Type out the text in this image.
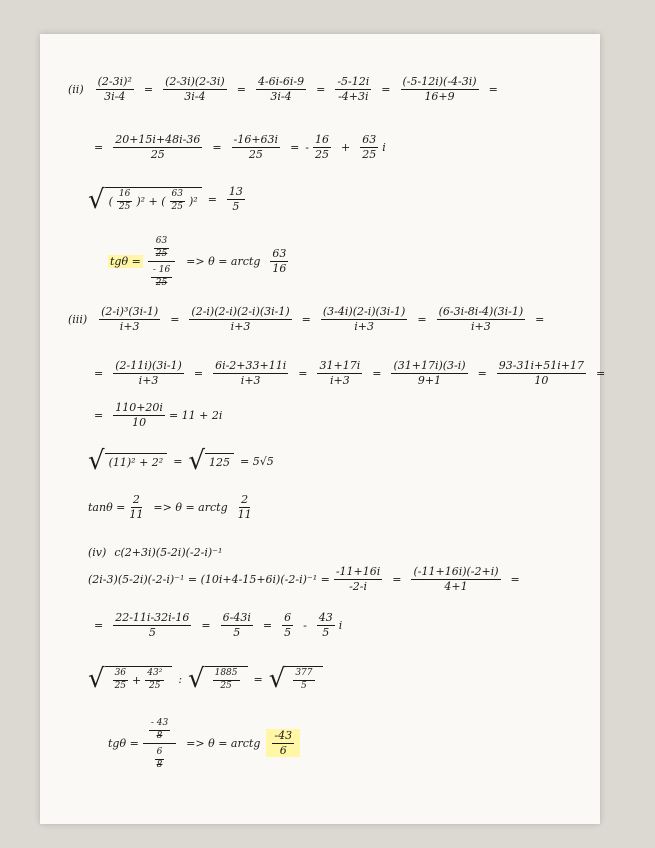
$(ii) \frac{\text{(2-3i)²}}{3i-4} = \frac{(2-3i)(2-3i)}{3i-4} = \frac{4-6i-6i-9}{3i-4} = \frac{-5-12i}{-4+3i} = \frac{(-5-12i)(-4-3i)}{16+9}$ =
= $\frac{20+15i+48i-36}{25} = \frac{-16+63i}{25}$ = - $\frac{16}{25} + \frac{63}{25}$ i
√ ( $\frac{16}{25} )^2$ + ( $\frac{63}{25} )^2 = \frac{13}{5}$
$tg\theta = \frac{\frac{63}{25}}{\frac{- 16}{25}} => \theta$ = arctg $\frac{63}{16}$
$(iii) \frac{\text{(2-i)³(3i-1)}}{i+3} = \frac{(2-i)(2-i)(2-i)(3i-1)}{i+3} = \frac{(3-4i)(2-i)(3i-1)}{i+3} = \frac{(6-3i-8i-4)(3i-1)}{i+3}$ =
= $\frac{(2-11i)(3i-1)}{i+3} = \frac{6i-2+33+11i}{i+3} = \frac{31+17i}{i+3} = \frac{(31+17i)(3-i)}{9+1} = \frac{93-31i+51i+17}{10}$ =
= $\frac{110+20i}{10} = 11 + 2i$
√ (11)² + 2² = √ 125 = 5√5
$\tan\theta = \frac{2}{11} => \theta$ = arctg $\frac{2}{11}$
(iv) c(2+3i)(5-2i)(-2-i)⁻¹
$(2i-3)(5-2i)(-2-i)^{-1} = (10i+4-15+6i)(-2-i)^{-1} = \frac{-11+16i}{-2-i} = \frac{(-11+16i)(-2+i)}{4+1}$ =
= $\frac{22-11i-32i-16}{5} = \frac{6-43i}{5} = \frac{6}{5} - \frac{43}{5}$ i
√ $\frac{36}{25} + \frac{\text{43²}}{25}$ : √ $\frac{1885}{25}$ = √ $\frac{377}{5}$
$tg\theta = \frac{\frac{- 43}{8}}{\frac{6}{8}} => \theta$ = arctg $\frac{-43}{6}$
